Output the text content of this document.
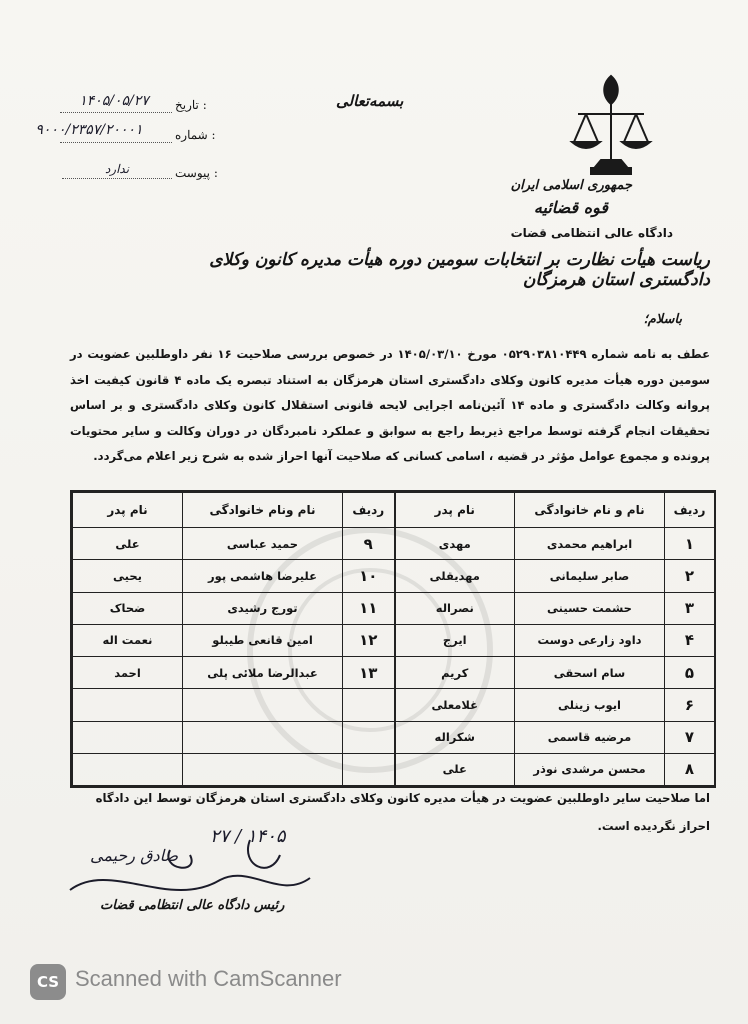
تاریخ :
۱۴۰۵/۰۵/۲۷
شماره :
۹۰۰۰/۲۳۵۷/۲۰۰۰۱
پیوست :
ندارد
بسمه‌تعالی
جمهوری اسلامی ایران
قوه قضائیه
دادگاه عالی انتظامی قضات
ریاست هیأت نظارت بر انتخابات سومین دوره هیأت مدیره کانون وکلای دادگستری استان هرمزگان
باسلام؛
عطف به نامه شماره ۰۵۲۹۰۳۸۱۰۴۴۹ مورخ ۱۴۰۵/۰۳/۱۰ در خصوص بررسی صلاحیت ۱۶ نفر داوطلبین عضویت در سومین دوره هیأت مدیره کانون وکلای دادگستری استان هرمزگان به استناد تبصره یک ماده ۴ قانون کیفیت اخذ پروانه وکالت دادگستری و ماده ۱۴ آئین‌نامه اجرایی لایحه قانونی استقلال کانون وکلای دادگستری و بر اساس تحقیقات انجام گرفته توسط مراجع ذیربط راجع به سوابق و عملکرد نامبردگان در دوران وکالت و سایر محتویات پرونده و مجموع عوامل مؤثر در قضیه ، اسامی کسانی که صلاحیت آنها احراز شده به شرح زیر اعلام می‌گردد.
ردیف	نام و نام خانوادگی	نام پدر	ردیف	نام ونام خانوادگی	نام پدر
۱	ابراهیم محمدی	مهدی	۹	حمید عباسی	علی
۲	صابر سلیمانی	مهدیقلی	۱۰	علیرضا هاشمی پور	یحیی
۳	حشمت حسینی	نصراله	۱۱	تورج رشیدی	ضحاک
۴	داود زارعی دوست	ایرج	۱۲	امین قانعی طیبلو	نعمت اله
۵	سام اسحقی	کریم	۱۳	عبدالرضا ملائی پلی	احمد
۶	ایوب زینلی	غلامعلی			
۷	مرضیه قاسمی	شکراله			
۸	محسن مرشدی نوذر	علی			
اما صلاحیت سایر داوطلبین عضویت در هیأت مدیره کانون وکلای دادگستری استان هرمزگان توسط این دادگاه احراز نگردیده است.
۱۴۰۵ / ۲۷
صادق رحیمی
رئیس دادگاه عالی انتظامی قضات
CS Scanned with CamScanner
